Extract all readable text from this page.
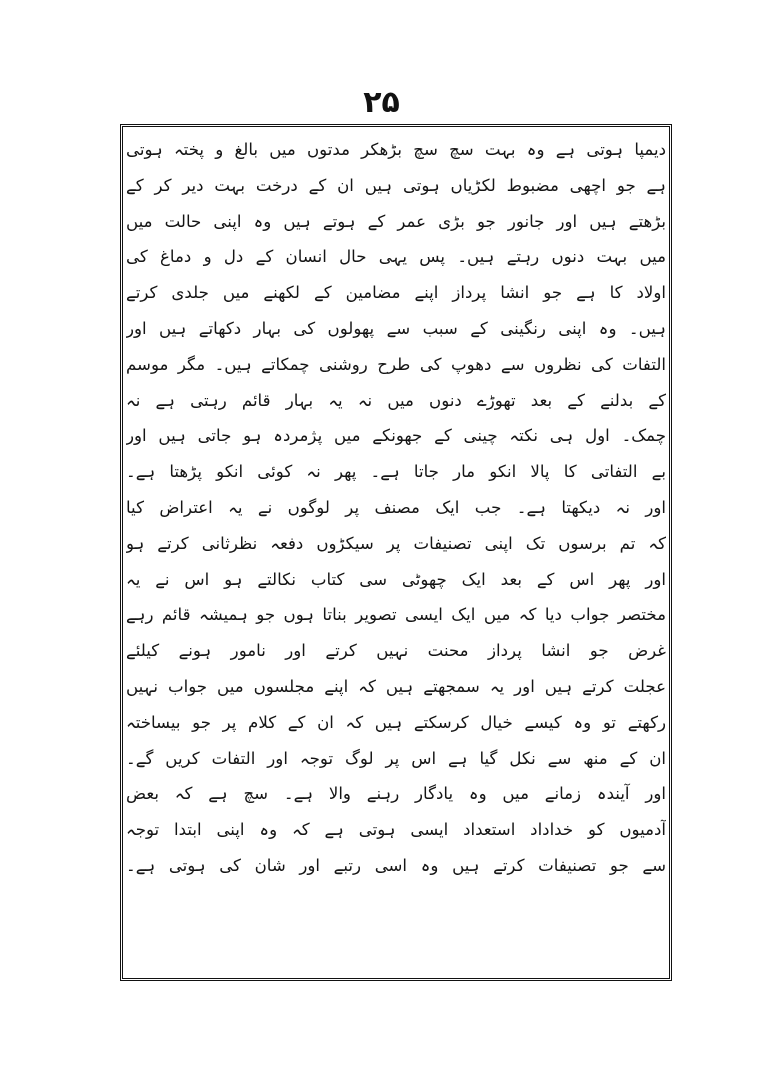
۲۵
دیمپا ہوتی ہے وہ بہت سچ سچ بڑھکر مدتوں میں بالغ و پختہ ہوتی
ہے جو اچھی مضبوط لکڑیاں ہوتی ہیں ان کے درخت بہت دیر کر کے
بڑھتے ہیں اور جانور جو بڑی عمر کے ہوتے ہیں وہ اپنی حالت میں
میں بہت دنوں رہتے ہیں۔ پس یہی حال انسان کے دل و دماغ کی
اولاد کا ہے جو انشا پرداز اپنے مضامین کے لکھنے میں جلدی کرتے
ہیں۔ وہ اپنی رنگینی کے سبب سے پھولوں کی بہار دکھاتے ہیں اور
التفات کی نظروں سے دھوپ کی طرح روشنی چمکاتے ہیں۔ مگر موسم
کے بدلنے کے بعد تھوڑے دنوں میں نہ یہ بہار قائم رہتی ہے نہ
چمک۔ اول ہی نکتہ چینی کے جھونکے میں پژمردہ ہو جاتی ہیں اور
بے التفاتی کا پالا انکو مار جاتا ہے۔ پھر نہ کوئی انکو پڑھتا ہے۔
اور نہ دیکھتا ہے۔ جب ایک مصنف پر لوگوں نے یہ اعتراض کیا
کہ تم برسوں تک اپنی تصنیفات پر سیکڑوں دفعہ نظرثانی کرتے ہو
اور پھر اس کے بعد ایک چھوٹی سی کتاب نکالتے ہو اس نے یہ
مختصر جواب دیا کہ میں ایک ایسی تصویر بناتا ہوں جو ہمیشہ قائم رہے
غرض جو انشا پرداز محنت نہیں کرتے اور نامور ہونے کیلئے
عجلت کرتے ہیں اور یہ سمجھتے ہیں کہ اپنے مجلسوں میں جواب نہیں
رکھتے تو وہ کیسے خیال کرسکتے ہیں کہ ان کے کلام پر جو بیساختہ
ان کے منھ سے نکل گیا ہے اس پر لوگ توجہ اور التفات کریں گے۔
اور آیندہ زمانے میں وہ یادگار رہنے والا ہے۔ سچ ہے کہ بعض
آدمیوں کو خداداد استعداد ایسی ہوتی ہے کہ وہ اپنی ابتدا توجہ
سے جو تصنیفات کرتے ہیں وہ اسی رتبے اور شان کی ہوتی ہے۔
